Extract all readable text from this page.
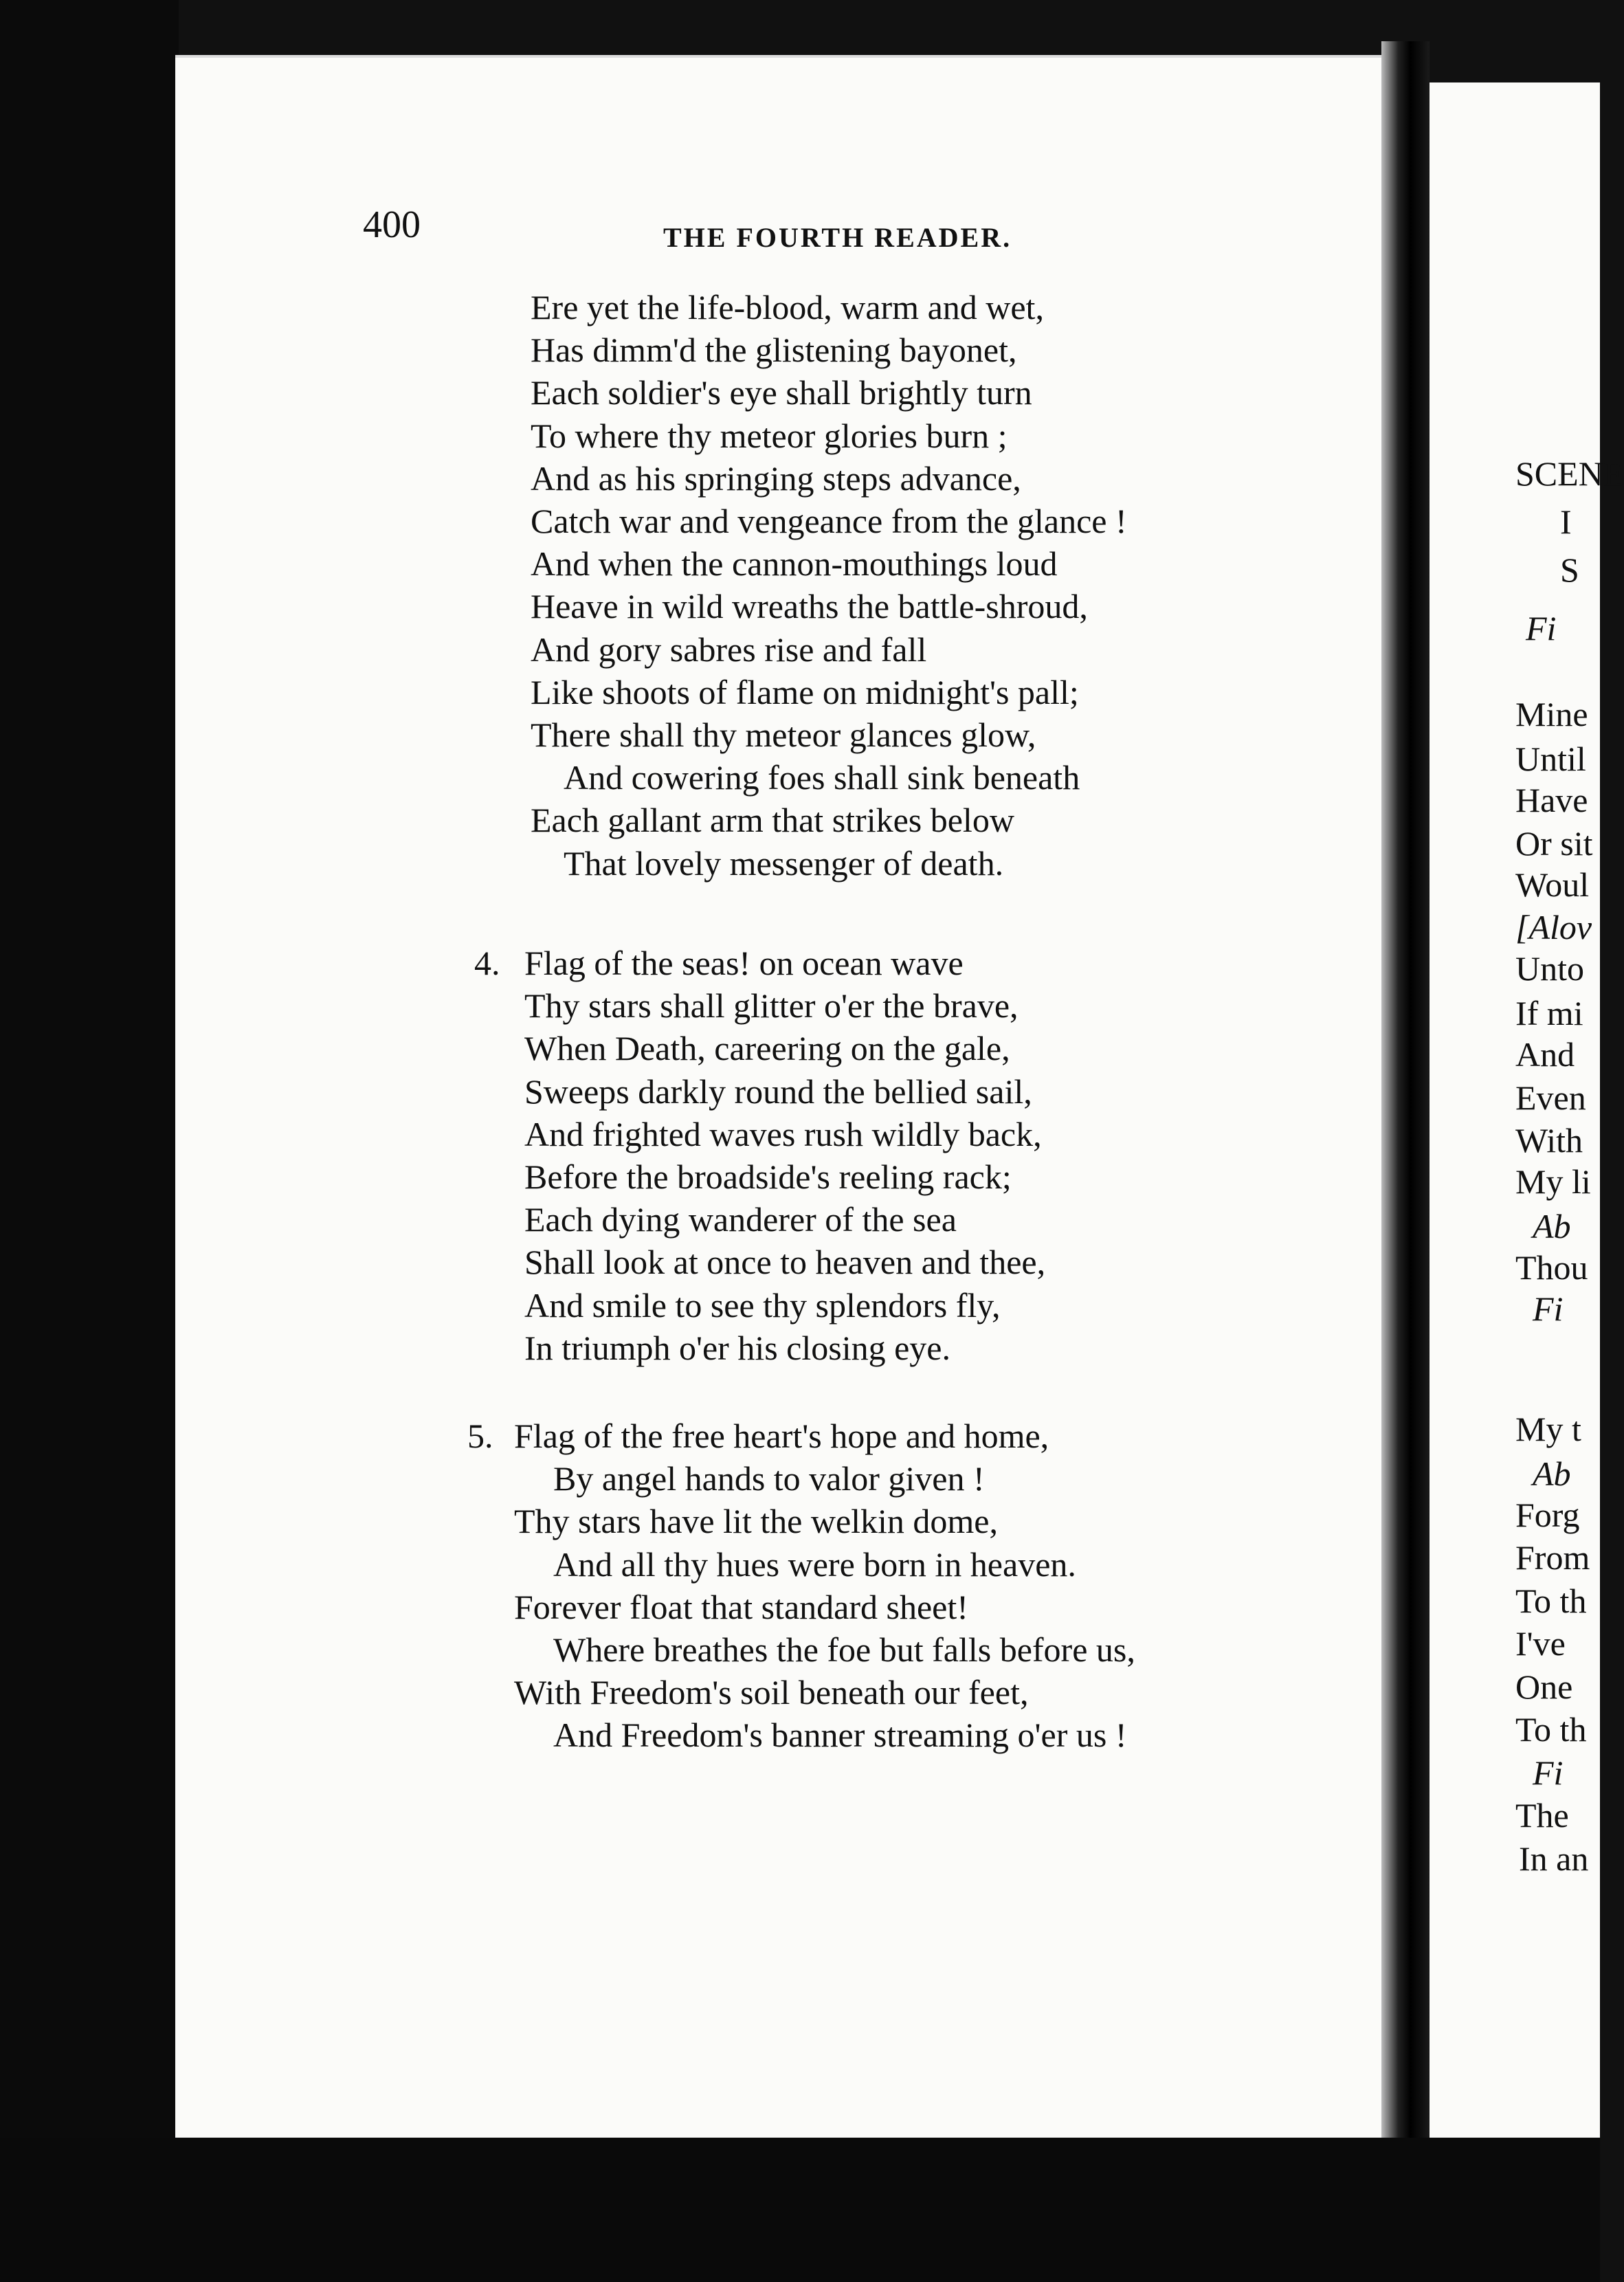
SCENE
I
S
Fi
Mine
Until
Have
Or sit
Woul
[Alov
Unto
If mi
And
Even
With
My li
Ab
Thou
Fi
My t
Ab
Forg
From
To th
I've
One
To th
Fi
The
In an
400	THE FOURTH READER.
Ere yet the life-blood, warm and wet,
Has dimm'd the glistening bayonet,
Each soldier's eye shall brightly turn
To where thy meteor glories burn ;
And as his springing steps advance,
Catch war and vengeance from the glance !
And when the cannon-mouthings loud
Heave in wild wreaths the battle-shroud,
And gory sabres rise and fall
Like shoots of flame on midnight's pall;
There shall thy meteor glances glow,
And cowering foes shall sink beneath
Each gallant arm that strikes below
That lovely messenger of death.
4. Flag of the seas! on ocean wave
Thy stars shall glitter o'er the brave,
When Death, careering on the gale,
Sweeps darkly round the bellied sail,
And frighted waves rush wildly back,
Before the broadside's reeling rack;
Each dying wanderer of the sea
Shall look at once to heaven and thee,
And smile to see thy splendors fly,
In triumph o'er his closing eye.
5. Flag of the free heart's hope and home,
By angel hands to valor given !
Thy stars have lit the welkin dome,
And all thy hues were born in heaven.
Forever float that standard sheet!
Where breathes the foe but falls before us,
With Freedom's soil beneath our feet,
And Freedom's banner streaming o'er us !
